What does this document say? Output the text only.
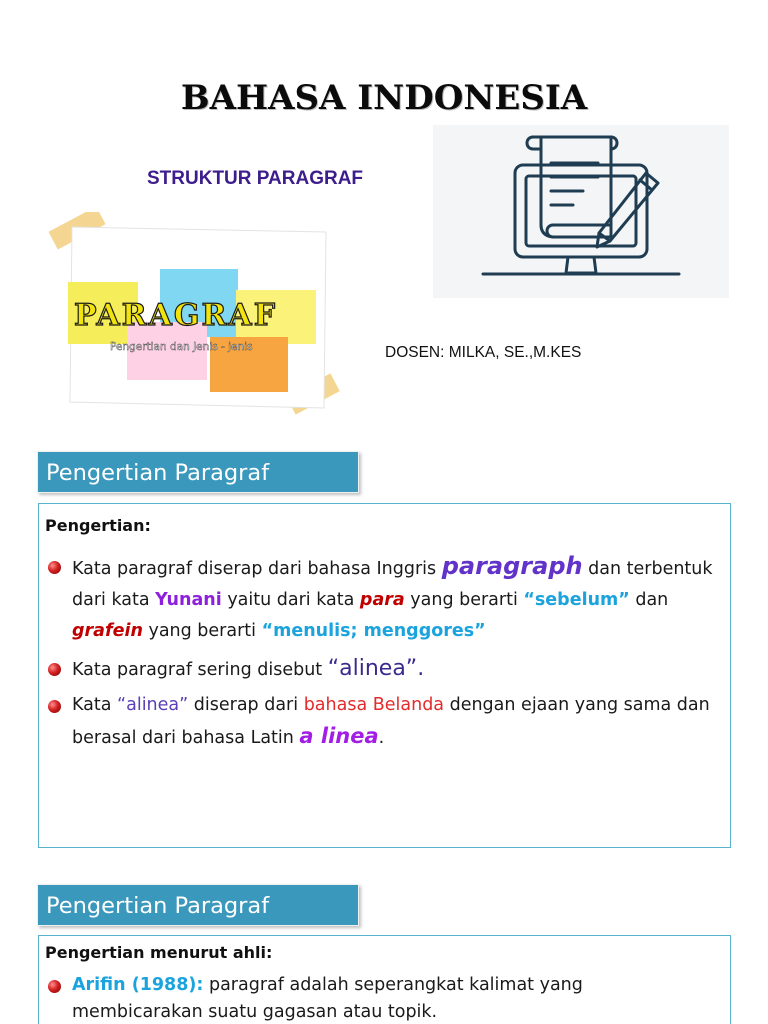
BAHASA INDONESIA
STRUKTUR PARAGRAF
PARAGRAF
Pengertian dan Jenis - jenis	DOSEN: MILKA, SE.,M.KES
Pengertian Paragraf
Pengertian:
Kata paragraf diserap dari bahasa Inggris paragraph dan terbentuk dari kata Yunani yaitu dari kata para yang berarti “sebelum” dan grafein yang berarti “menulis; menggores”
Kata paragraf sering disebut “alinea”.
Kata “alinea” diserap dari bahasa Belanda dengan ejaan yang sama dan berasal dari bahasa Latin a linea.
Pengertian Paragraf
Pengertian menurut ahli:
Arifin (1988): paragraf adalah seperangkat kalimat yang membicarakan suatu gagasan atau topik.
